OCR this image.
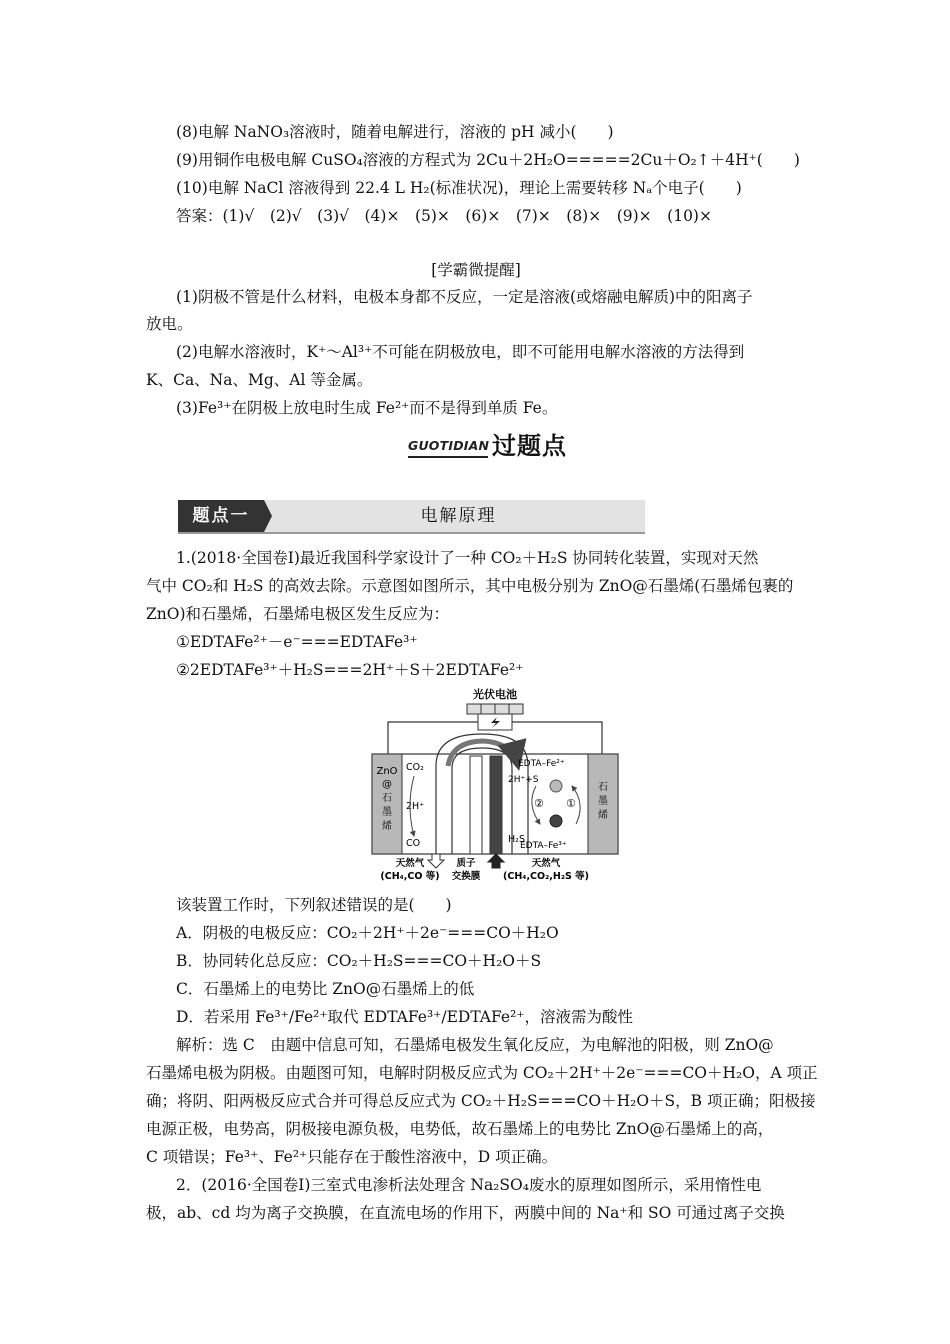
(8)电解 NaNO₃溶液时，随着电解进行，溶液的 pH 减小(　　)
(9)用铜作电极电解 CuSO₄溶液的方程式为 2Cu＋2H₂O=====2Cu＋O₂↑＋4H⁺(　　)
(10)电解 NaCl 溶液得到 22.4 L H₂(标准状况)，理论上需要转移 Nₐ个电子(　　)
答案：(1)√　(2)√　(3)√　(4)×　(5)×　(6)×　(7)×　(8)×　(9)×　(10)×
[学霸微提醒]
(1)阴极不管是什么材料，电极本身都不反应，一定是溶液(或熔融电解质)中的阳离子
放电。
(2)电解水溶液时，K⁺～Al³⁺不可能在阴极放电，即不可能用电解水溶液的方法得到
K、Ca、Na、Mg、Al 等金属。
(3)Fe³⁺在阴极上放电时生成 Fe²⁺而不是得到单质 Fe。
GUOTIDIAN 过题点
题点一	电解原理
1.(2018·全国卷Ⅰ)最近我国科学家设计了一种 CO₂＋H₂S 协同转化装置，实现对天然
气中 CO₂和 H₂S 的高效去除。示意图如图所示，其中电极分别为 ZnO@石墨烯(石墨烯包裹的
ZnO)和石墨烯，石墨烯电极区发生反应为：
①EDTAFe²⁺－e⁻===EDTAFe³⁺
②2EDTAFe³⁺＋H₂S===2H⁺＋S＋2EDTAFe²⁺
光伏电池
ZnO
@
石
墨
烯
石
墨
烯
CO₂
2H⁺
CO
EDTA–Fe²⁺
2H⁺+S
② ①
H₂S
EDTA–Fe³⁺
天然气
(CH₄,CO 等)
质子
交换膜
天然气
(CH₄,CO₂,H₂S 等)
该装置工作时，下列叙述错误的是(　　)
A．阴极的电极反应：CO₂＋2H⁺＋2e⁻===CO＋H₂O
B．协同转化总反应：CO₂＋H₂S===CO＋H₂O＋S
C．石墨烯上的电势比 ZnO@石墨烯上的低
D．若采用 Fe³⁺/Fe²⁺取代 EDTAFe³⁺/EDTAFe²⁺，溶液需为酸性
解析：选 C　由题中信息可知，石墨烯电极发生氧化反应，为电解池的阳极，则 ZnO@
石墨烯电极为阴极。由题图可知，电解时阴极反应式为 CO₂＋2H⁺＋2e⁻===CO＋H₂O，A 项正
确；将阴、阳两极反应式合并可得总反应式为 CO₂＋H₂S===CO＋H₂O＋S，B 项正确；阳极接
电源正极，电势高，阴极接电源负极，电势低，故石墨烯上的电势比 ZnO@石墨烯上的高，
C 项错误；Fe³⁺、Fe²⁺只能存在于酸性溶液中，D 项正确。
2．(2016·全国卷Ⅰ)三室式电渗析法处理含 Na₂SO₄废水的原理如图所示，采用惰性电
极，ab、cd 均为离子交换膜，在直流电场的作用下，两膜中间的 Na⁺和 SO 可通过离子交换
